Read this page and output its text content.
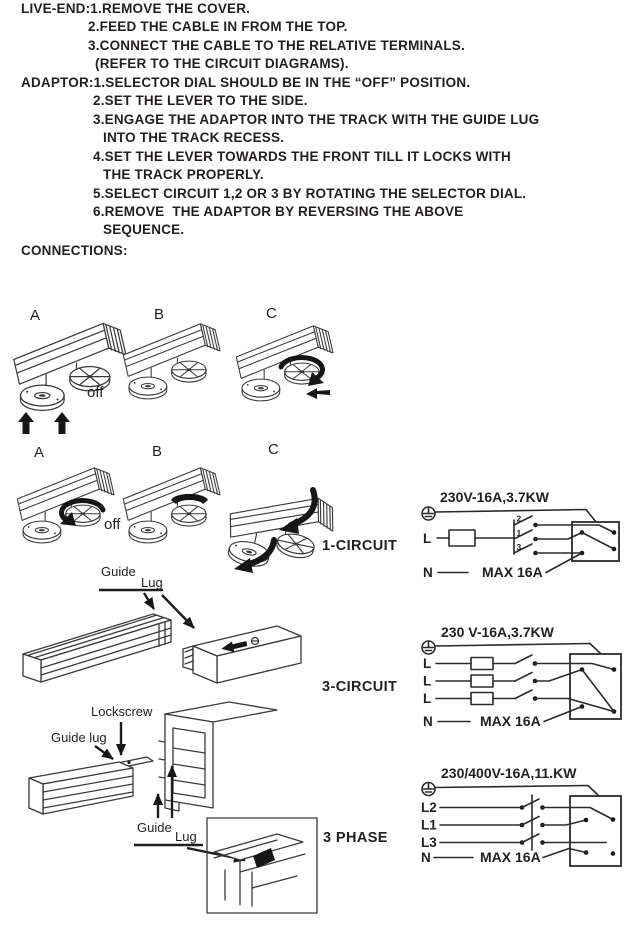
LIVE-END:1.REMOVE THE COVER.
2.FEED THE CABLE IN FROM THE TOP.
3.CONNECT THE CABLE TO THE RELATIVE TERMINALS.
(REFER TO THE CIRCUIT DIAGRAMS).
ADAPTOR:1.SELECTOR DIAL SHOULD BE IN THE “OFF” POSITION.
2.SET THE LEVER TO THE SIDE.
3.ENGAGE THE ADAPTOR INTO THE TRACK WITH THE GUIDE LUG
INTO THE TRACK RECESS.
4.SET THE LEVER TOWARDS THE FRONT TILL IT LOCKS WITH
THE TRACK PROPERLY.
5.SELECT CIRCUIT 1,2 OR 3 BY ROTATING THE SELECTOR DIAL.
6.REMOVE  THE ADAPTOR BY REVERSING THE ABOVE
SEQUENCE.
CONNECTIONS:
A	B	C
off
A	B	C
off
1-CIRCUIT
3-CIRCUIT
3 PHASE
Guide
Lug
Lockscrew
Guide lug
Guide
Lug
230V-16A,3.7KW
L
2
1
3
N	MAX 16A
230 V-16A,3.7KW
L
L
L
N	MAX 16A
230/400V-16A,11.KW
L2
L1
L3
N	MAX 16A
